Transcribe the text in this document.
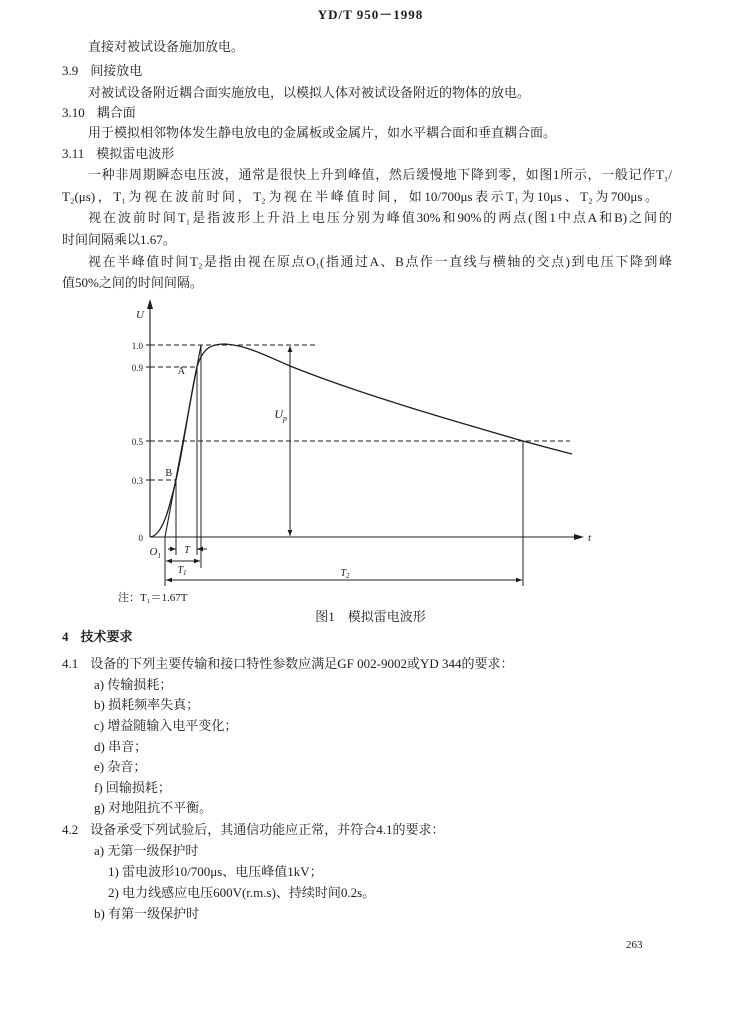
YD/T 950－1998
直接对被试设备施加放电。
3.9 间接放电
对被试设备附近耦合面实施放电，以模拟人体对被试设备附近的物体的放电。
3.10 耦合面
用于模拟相邻物体发生静电放电的金属板或金属片，如水平耦合面和垂直耦合面。
3.11 模拟雷电波形
一种非周期瞬态电压波，通常是很快上升到峰值，然后缓慢地下降到零，如图1所示，一般记作T₁/
T₂(μs)，T₁为视在波前时间，T₂为视在半峰值时间，如10/700μs表示T₁为10μs、T₂为700μs。
视在波前时间T₁是指波形上升沿上电压分别为峰值30%和90%的两点(图1中点A和B)之间的
时间间隔乘以1.67。
视在半峰值时间T₂是指由视在原点O₁(指通过A、B点作一直线与横轴的交点)到电压下降到峰
值50%之间的时间间隔。
U
t
1.0
0.9
0.5
0.3
0
$U_p$
A
B
$O_1$ T
$T_1$	$T_2$
注：T₁＝1.67T
图1　模拟雷电波形
4 技术要求
4.1 设备的下列主要传输和接口特性参数应满足GF 002-9002或YD 344的要求：
a) 传输损耗；
b) 损耗频率失真；
c) 增益随输入电平变化；
d) 串音；
e) 杂音；
f) 回输损耗；
g) 对地阻抗不平衡。
4.2 设备承受下列试验后，其通信功能应正常，并符合4.1的要求：
a) 无第一级保护时
1) 雷电波形10/700μs、电压峰值1kV；
2) 电力线感应电压600V(r.m.s)、持续时间0.2s。
b) 有第一级保护时
263
